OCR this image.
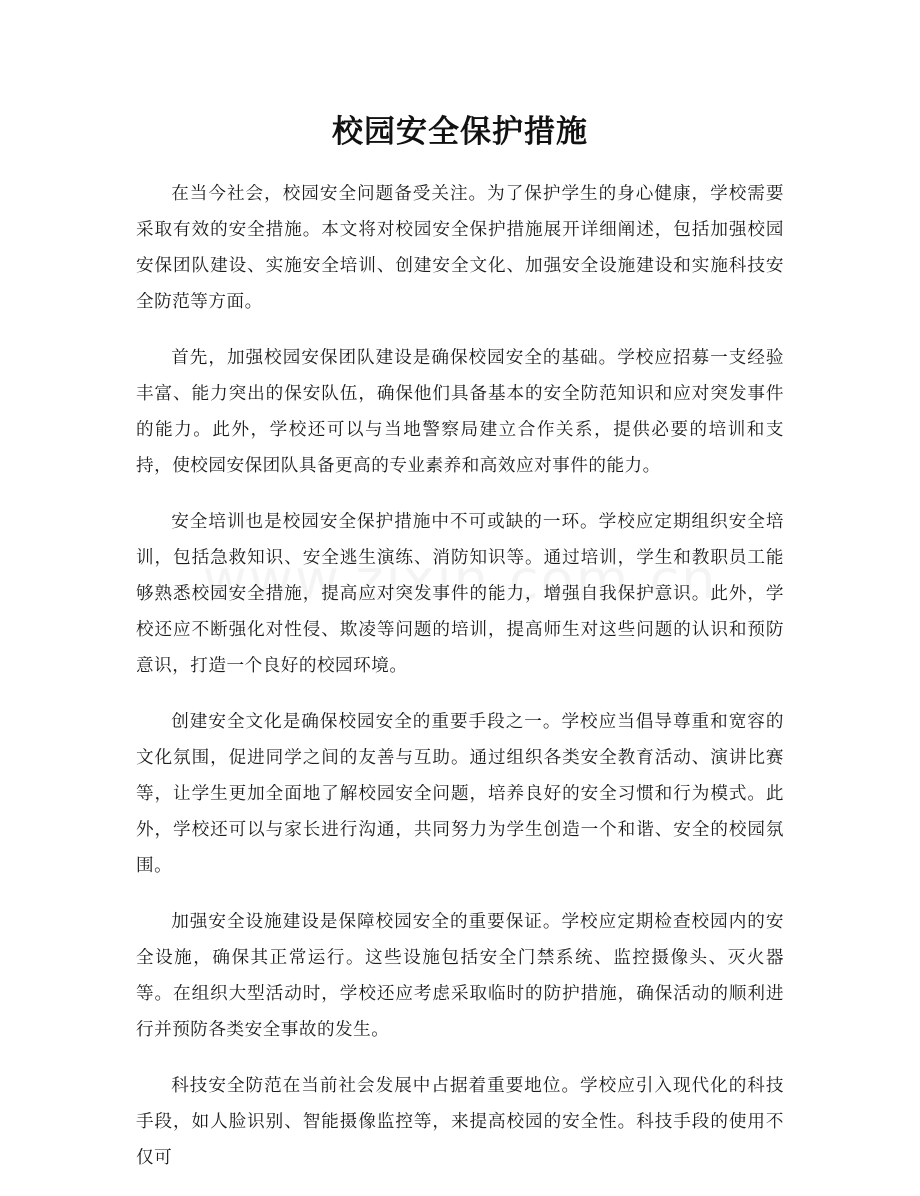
校园安全保护措施

在当今社会，校园安全问题备受关注。为了保护学生的身心健康，学校需要采取有效的安全措施。本文将对校园安全保护措施展开详细阐述，包括加强校园安保团队建设、实施安全培训、创建安全文化、加强安全设施建设和实施科技安全防范等方面。

首先，加强校园安保团队建设是确保校园安全的基础。学校应招募一支经验丰富、能力突出的保安队伍，确保他们具备基本的安全防范知识和应对突发事件的能力。此外，学校还可以与当地警察局建立合作关系，提供必要的培训和支持，使校园安保团队具备更高的专业素养和高效应对事件的能力。

安全培训也是校园安全保护措施中不可或缺的一环。学校应定期组织安全培训，包括急救知识、安全逃生演练、消防知识等。通过培训，学生和教职员工能够熟悉校园安全措施，提高应对突发事件的能力，增强自我保护意识。此外，学校还应不断强化对性侵、欺凌等问题的培训，提高师生对这些问题的认识和预防意识，打造一个良好的校园环境。

创建安全文化是确保校园安全的重要手段之一。学校应当倡导尊重和宽容的文化氛围，促进同学之间的友善与互助。通过组织各类安全教育活动、演讲比赛等，让学生更加全面地了解校园安全问题，培养良好的安全习惯和行为模式。此外，学校还可以与家长进行沟通，共同努力为学生创造一个和谐、安全的校园氛围。

加强安全设施建设是保障校园安全的重要保证。学校应定期检查校园内的安全设施，确保其正常运行。这些设施包括安全门禁系统、监控摄像头、灭火器等。在组织大型活动时，学校还应考虑采取临时的防护措施，确保活动的顺利进行并预防各类安全事故的发生。

科技安全防范在当前社会发展中占据着重要地位。学校应引入现代化的科技手段，如人脸识别、智能摄像监控等，来提高校园的安全性。科技手段的使用不仅可
